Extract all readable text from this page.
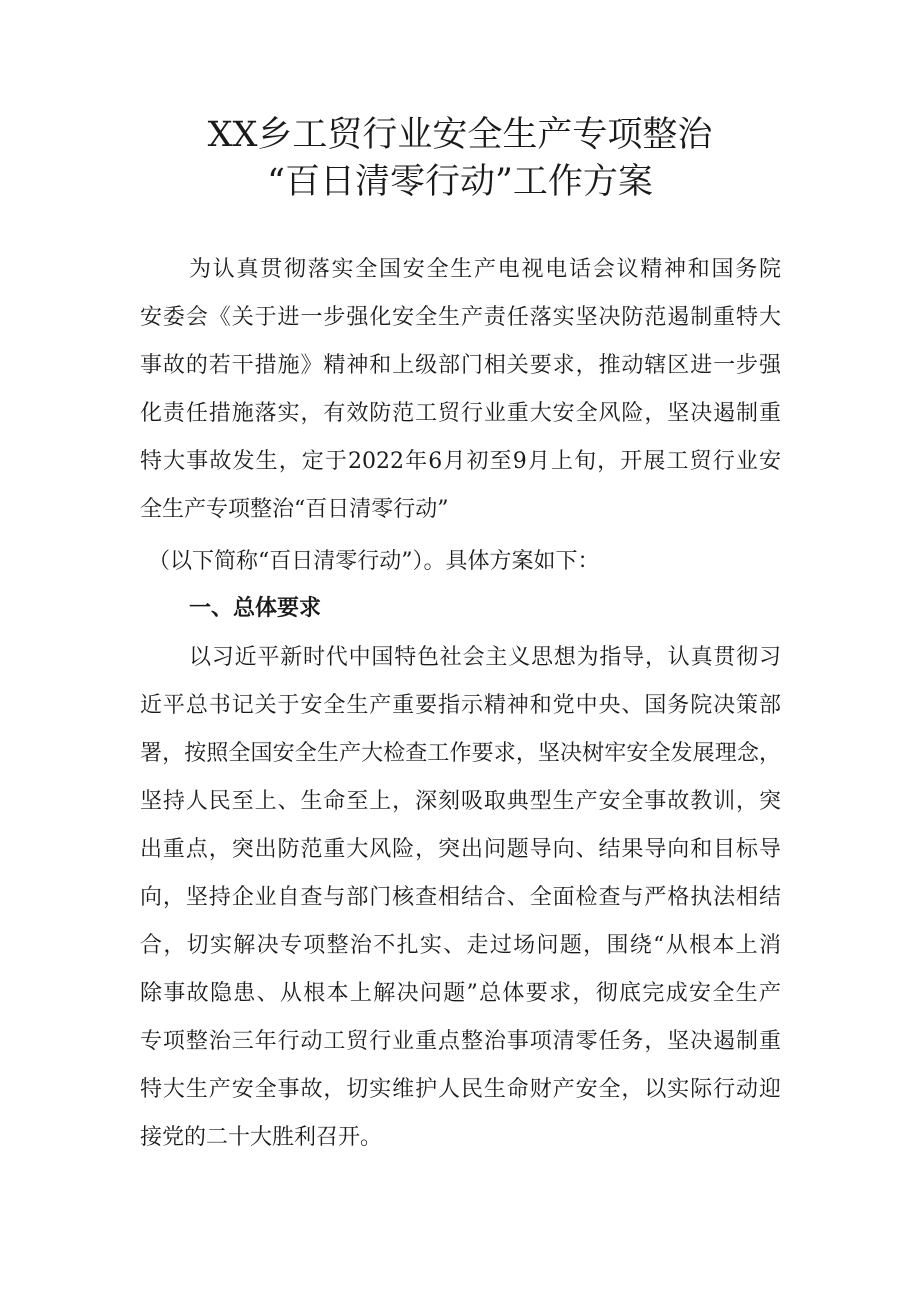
XX乡工贸行业安全生产专项整治
“百日清零行动”工作方案

为认真贯彻落实全国安全生产电视电话会议精神和国务院

安委会《关于进一步强化安全生产责任落实坚决防范遏制重特大

事故的若干措施》精神和上级部门相关要求，推动辖区进一步强

化责任措施落实，有效防范工贸行业重大安全风险，坚决遏制重

特大事故发生，定于2022年6月初至9月上旬，开展工贸行业安

全生产专项整治“百日清零行动”

（以下简称“百日清零行动”）。具体方案如下：

一、总体要求

以习近平新时代中国特色社会主义思想为指导，认真贯彻习

近平总书记关于安全生产重要指示精神和党中央、国务院决策部

署，按照全国安全生产大检查工作要求，坚决树牢安全发展理念，

坚持人民至上、生命至上，深刻吸取典型生产安全事故教训，突

出重点，突出防范重大风险，突出问题导向、结果导向和目标导

向，坚持企业自查与部门核查相结合、全面检查与严格执法相结

合，切实解决专项整治不扎实、走过场问题，围绕“从根本上消

除事故隐患、从根本上解决问题”总体要求，彻底完成安全生产

专项整治三年行动工贸行业重点整治事项清零任务，坚决遏制重

特大生产安全事故，切实维护人民生命财产安全，以实际行动迎

接党的二十大胜利召开。
